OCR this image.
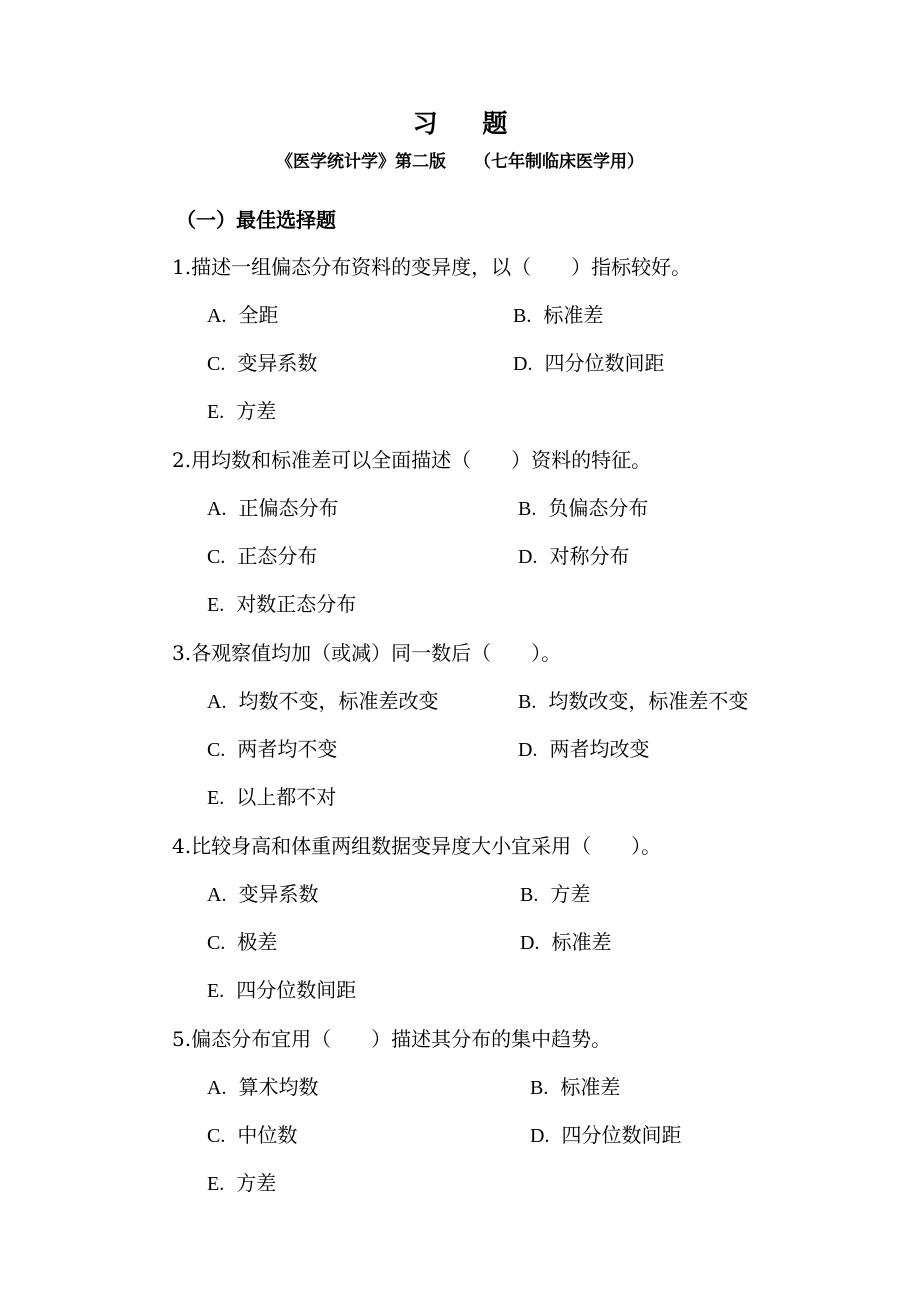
习 题
《医学统计学》第二版 （七年制临床医学用）
（一）最佳选择题
1.描述一组偏态分布资料的变异度，以（　　）指标较好。
A. 全距	B. 标准差
C. 变异系数	D. 四分位数间距
E. 方差
2.用均数和标准差可以全面描述（　　）资料的特征。
A. 正偏态分布	B. 负偏态分布
C. 正态分布	D. 对称分布
E. 对数正态分布
3.各观察值均加（或减）同一数后（　　）。
A. 均数不变，标准差改变	B. 均数改变，标准差不变
C. 两者均不变	D. 两者均改变
E. 以上都不对
4.比较身高和体重两组数据变异度大小宜采用（　　）。
A. 变异系数	B. 方差
C. 极差	D. 标准差
E. 四分位数间距
5.偏态分布宜用（　　）描述其分布的集中趋势。
A. 算术均数	B. 标准差
C. 中位数	D. 四分位数间距
E. 方差
